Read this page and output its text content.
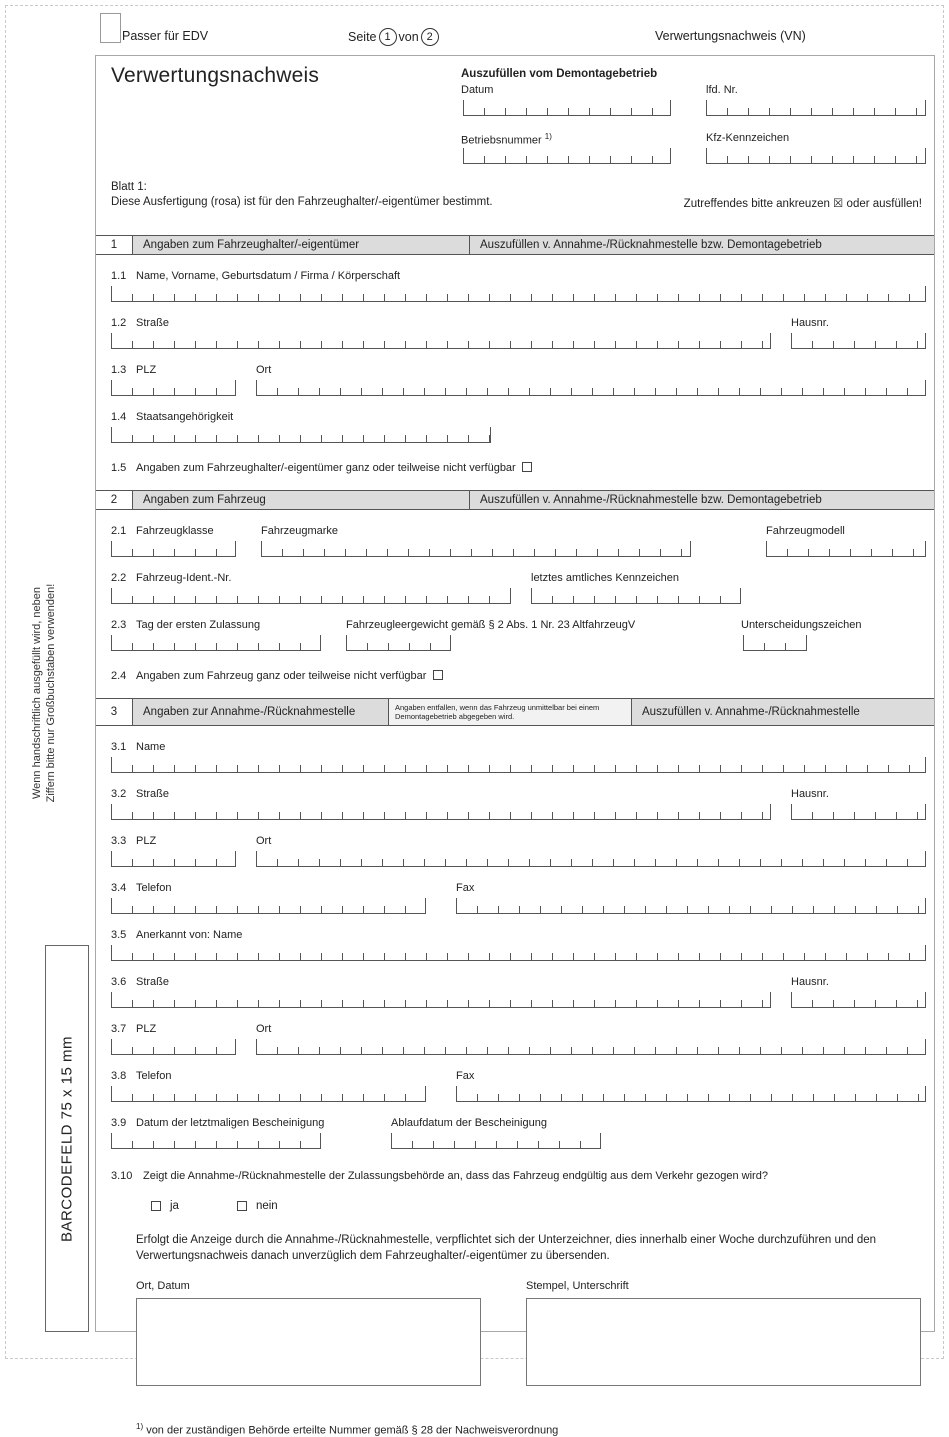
Passer für EDV	Seite 1 von 2	Verwertungsnachweis (VN)
Verwertungsnachweis	Auszufüllen vom Demontagebetrieb
Datum	lfd. Nr.
Betriebsnummer $^{1)}$	Kfz-Kennzeichen
Blatt 1:
Diese Ausfertigung (rosa) ist für den Fahrzeughalter/-eigentümer bestimmt.	Zutreffendes bitte ankreuzen ☒ oder ausfüllen!
1	Angaben zum Fahrzeughalter/-eigentümer	Auszufüllen v. Annahme-/Rücknahmestelle bzw. Demontagebetrieb
1.1 Name, Vorname, Geburtsdatum / Firma / Körperschaft
1.2 Straße	Hausnr.
1.3 PLZ	Ort
1.4 Staatsangehörigkeit
1.5 Angaben zum Fahrzeughalter/-eigentümer ganz oder teilweise nicht verfügbar
2	Angaben zum Fahrzeug	Auszufüllen v. Annahme-/Rücknahmestelle bzw. Demontagebetrieb
2.1 Fahrzeugklasse	Fahrzeugmarke	Fahrzeugmodell
2.2 Fahrzeug-Ident.-Nr.	letztes amtliches Kennzeichen
2.3 Tag der ersten Zulassung	Fahrzeugleergewicht gemäß § 2 Abs. 1 Nr. 23 AltfahrzeugV	Unterscheidungszeichen
2.4 Angaben zum Fahrzeug ganz oder teilweise nicht verfügbar
3	Angaben zur Annahme-/Rücknahmestelle	Angaben entfallen, wenn das Fahrzeug unmittelbar bei einem Demontagebetrieb abgegeben wird.	Auszufüllen v. Annahme-/Rücknahmestelle
3.1 Name
3.2 Straße	Hausnr.
3.3 PLZ	Ort
3.4 Telefon	Fax
3.5 Anerkannt von: Name
3.6 Straße	Hausnr.
3.7 PLZ	Ort
3.8 Telefon	Fax
3.9 Datum der letztmaligen Bescheinigung	Ablaufdatum der Bescheinigung
3.10 Zeigt die Annahme-/Rücknahmestelle der Zulassungsbehörde an, dass das Fahrzeug endgültig aus dem Verkehr gezogen wird?
ja	nein
Erfolgt die Anzeige durch die Annahme-/Rücknahmestelle, verpflichtet sich der Unterzeichner, dies innerhalb einer Woche durchzuführen und den Verwertungsnachweis danach unverzüglich dem Fahrzeughalter/-eigentümer zu übersenden.
Ort, Datum	Stempel, Unterschrift
$^{1)}$ von der zuständigen Behörde erteilte Nummer gemäß § 28 der Nachweisverordnung
Wenn handschriftlich ausgefüllt wird, neben Ziffern bitte nur Großbuchstaben verwenden!
BARCODEFELD 75 x 15 mm
